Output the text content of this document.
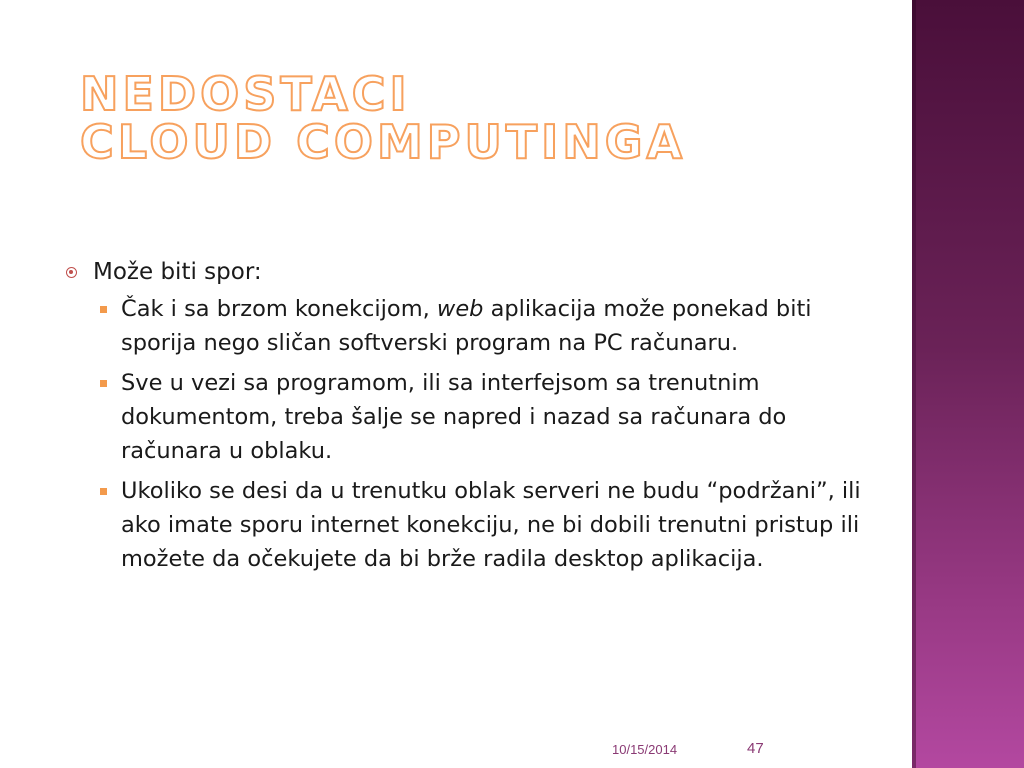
NEDOSTACI
CLOUD COMPUTINGA
Može biti spor:
Čak i sa brzom konekcijom, web aplikacija može ponekad biti sporija nego sličan softverski program na PC računaru.
Sve u vezi sa programom, ili sa interfejsom sa trenutnim dokumentom, treba šalje se napred i nazad sa računara do računara u oblaku.
Ukoliko se desi da u trenutku oblak serveri ne budu “podržani”, ili ako imate sporu internet konekciju, ne bi dobili trenutni pristup ili možete da očekujete da bi brže radila desktop aplikacija.
10/15/2014	47
